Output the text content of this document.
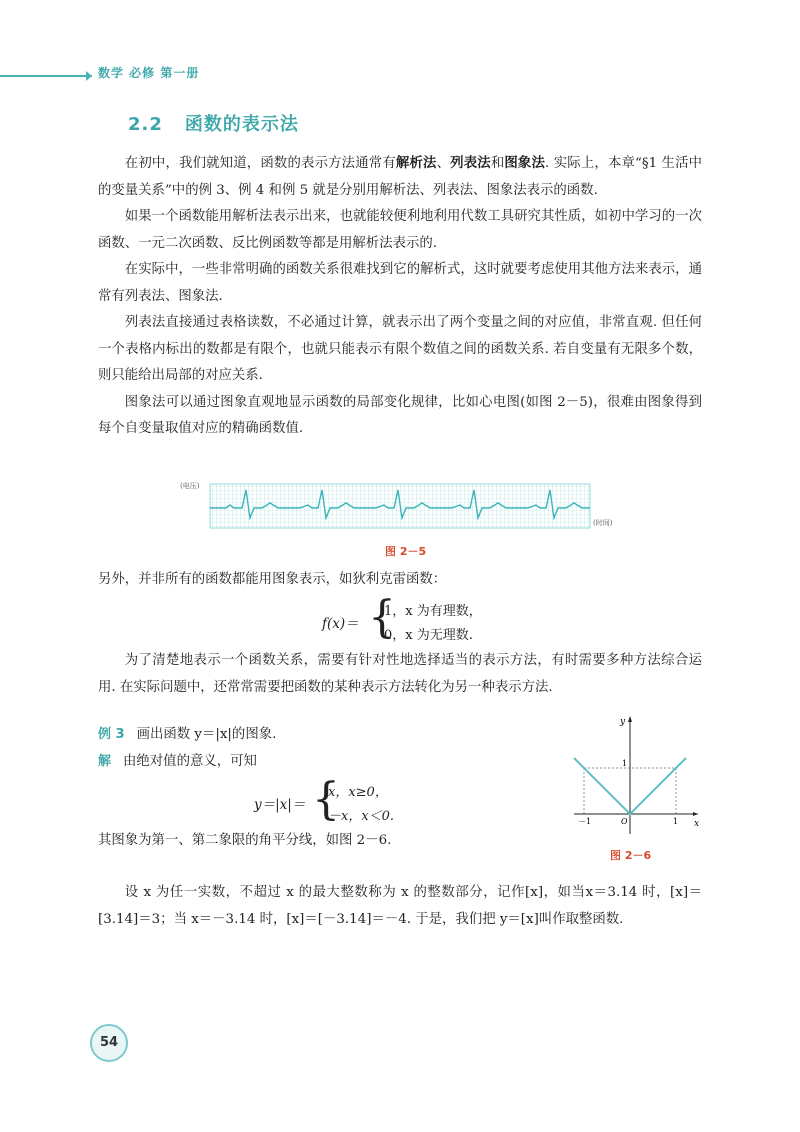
数学 必修 第一册
2.2 函数的表示法

在初中，我们就知道，函数的表示方法通常有解析法、列表法和图象法. 实际上，本章“§1 生活中的变量关系”中的例 3、例 4 和例 5 就是分别用解析法、列表法、图象法表示的函数.

如果一个函数能用解析法表示出来，也就能较便利地利用代数工具研究其性质，如初中学习的一次函数、一元二次函数、反比例函数等都是用解析法表示的.

在实际中，一些非常明确的函数关系很难找到它的解析式，这时就要考虑使用其他方法来表示，通常有列表法、图象法.

列表法直接通过表格读数，不必通过计算，就表示出了两个变量之间的对应值，非常直观. 但任何一个表格内标出的数都是有限个，也就只能表示有限个数值之间的函数关系. 若自变量有无限多个数，则只能给出局部的对应关系.

图象法可以通过图象直观地显示函数的局部变化规律，比如心电图(如图 2－5)，很难由图象得到每个自变量取值对应的精确函数值.

(电压)
(时间)
图 2－5

另外，并非所有的函数都能用图象表示，如狄利克雷函数：

f(x)＝ {
1，x 为有理数，
0，x 为无理数.

为了清楚地表示一个函数关系，需要有针对性地选择适当的表示方法，有时需要多种方法综合运用. 在实际问题中，还常常需要把函数的某种表示方法转化为另一种表示方法.

例 3 画出函数 y＝|x|的图象.

解 由绝对值的意义，可知

y＝|x|＝ {
x，x≥0，
－x，x＜0.

其图象为第一、第二象限的角平分线，如图 2－6.

y
x
O
－1	1
1
图 2－6

设 x 为任一实数，不超过 x 的最大整数称为 x 的整数部分，记作[x]，如当x＝3.14 时，[x]＝[3.14]＝3；当 x＝－3.14 时，[x]＝[－3.14]＝－4. 于是，我们把 y＝[x]叫作取整函数.

54
